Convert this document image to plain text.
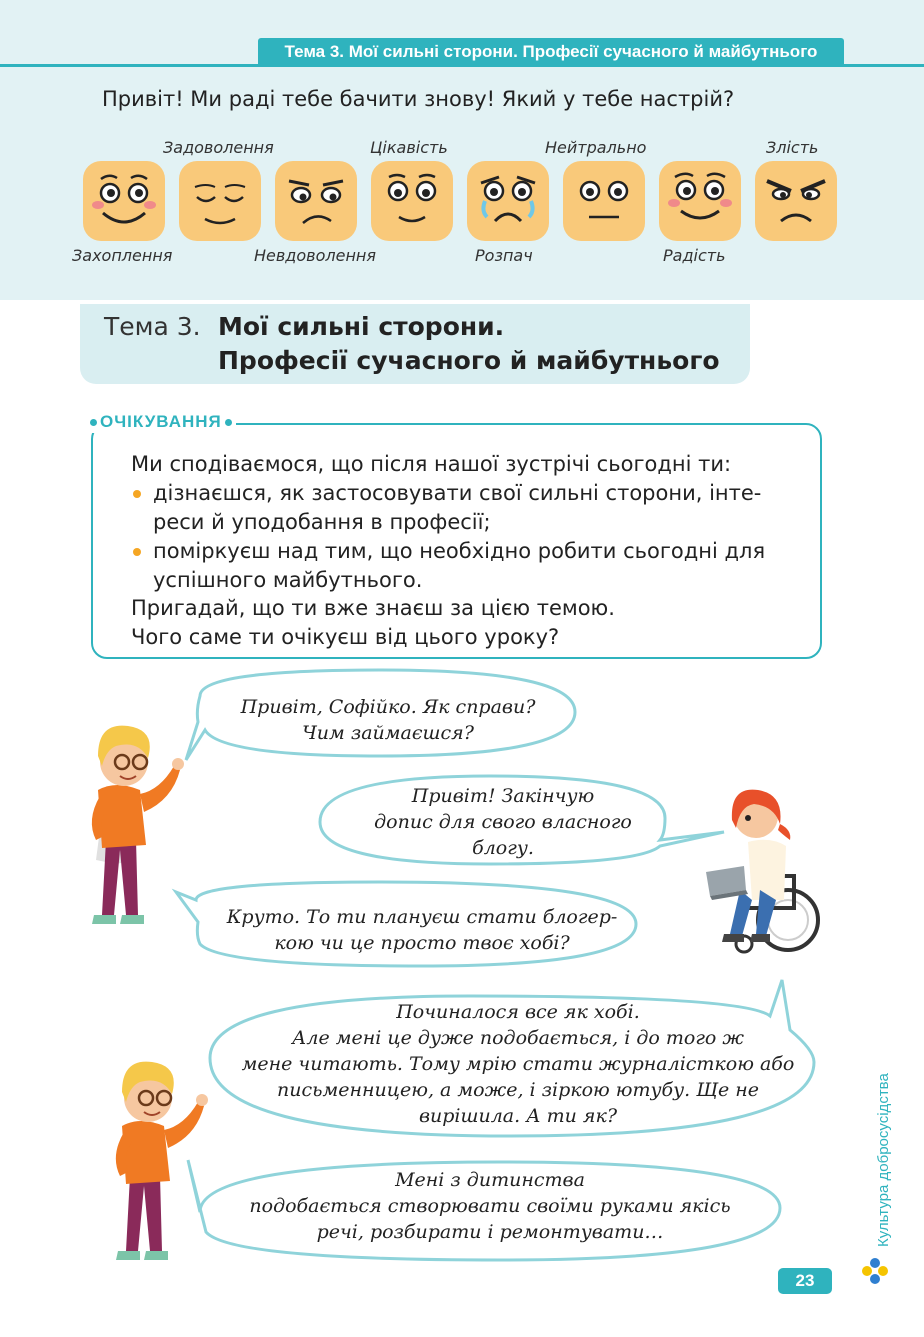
Тема 3. Мої сильні сторони. Професії сучасного й майбутнього
Привіт! Ми раді тебе бачити знову! Який у тебе настрій?
Задоволення	Цікавість	Нейтрально	Злість
Захоплення	Невдоволення	Розпач	Радість
Тема 3. Мої сильні сторони.
Професії сучасного й майбутнього
ОЧІКУВАННЯ
Ми сподіваємося, що після нашої зустрічі сьогодні ти:
дізнаєшся, як застосовувати свої сильні сторони, інте-
реси й уподобання в професії;
поміркуєш над тим, що необхідно робити сьогодні для
успішного майбутнього.
Пригадай, що ти вже знаєш за цією темою.
Чого саме ти очікуєш від цього уроку?
Привіт, Софійко. Як справи?
Чим займаєшся?
Привіт! Закінчую
допис для свого власного
блогу.
Круто. То ти плануєш стати блогер-
кою чи це просто твоє хобі?
Починалося все як хобі.
Але мені це дуже подобається, і до того ж
мене читають. Тому мрію стати журналісткою або
письменницею, а може, і зіркою ютубу. Ще не
вирішила. А ти як?
Мені з дитинства
подобається створювати своїми руками якісь
речі, розбирати і ремонтувати…	Культура добросусідства
23
